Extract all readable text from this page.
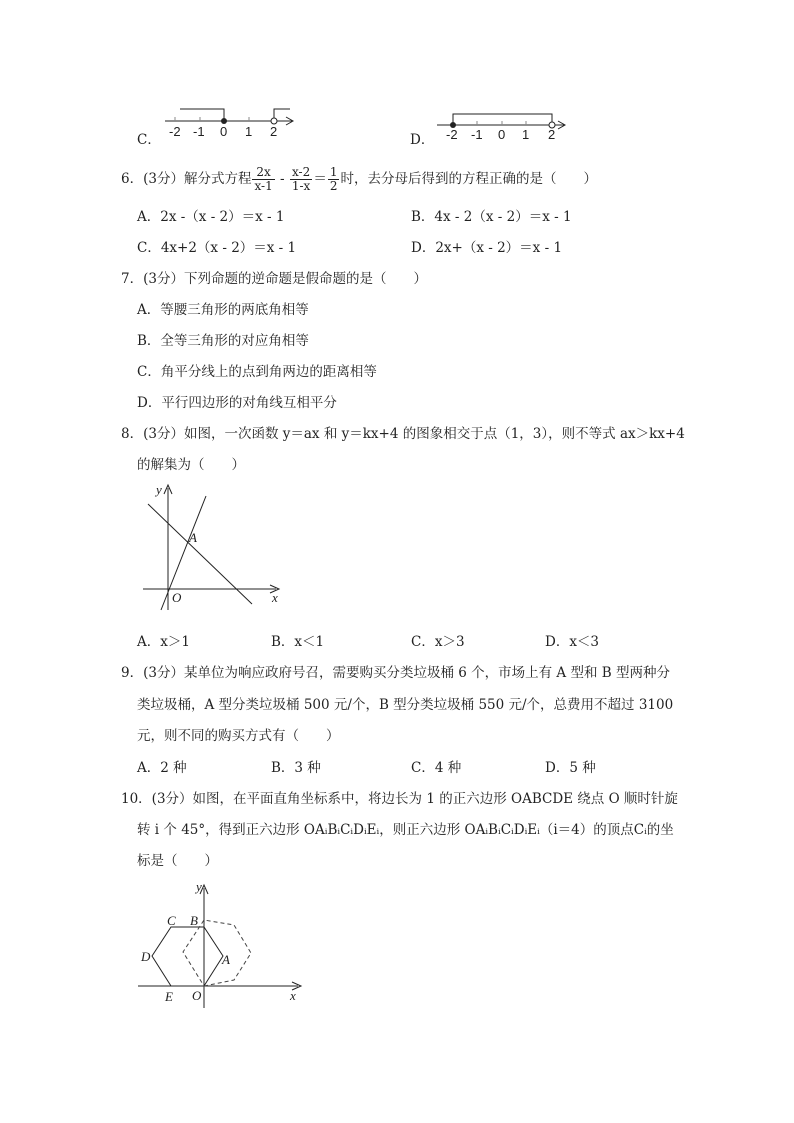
C．
-2 -1 0 1 2
D． -2 -1 0 1 2
6．(3分）解分式方程 $\frac{2x}{x-1} - \frac{x-2}{1-x} = \frac{1}{2}$ 时，去分母后得到的方程正确的是（　　）
A．2x -（x - 2）＝x - 1	B．4x - 2（x - 2）＝x - 1
C．4x+2（x - 2）＝x - 1	D．2x+（x - 2）＝x - 1
7．(3分）下列命题的逆命题是假命题的是（　　）
A．等腰三角形的两底角相等
B．全等三角形的对应角相等
C．角平分线上的点到角两边的距离相等
D．平行四边形的对角线互相平分
8．(3分）如图，一次函数 y＝ax 和 y＝kx+4 的图象相交于点（1，3），则不等式 ax＞kx+4
的解集为（　　）
y
x
A
O
A．x＞1	B．x＜1	C．x＞3	D．x＜3
9．(3分）某单位为响应政府号召，需要购买分类垃圾桶 6 个，市场上有 A 型和 B 型两种分
类垃圾桶，A 型分类垃圾桶 500 元/个，B 型分类垃圾桶 550 元/个，总费用不超过 3100
元，则不同的购买方式有（　　）
A．2 种	B．3 种	C．4 种	D．5 种
10．(3分）如图，在平面直角坐标系中，将边长为 1 的正六边形 OABCDE 绕点 O 顺时针旋
转 i 个 45°，得到正六边形 OAᵢBᵢCᵢDᵢEᵢ，则正六边形 OAᵢBᵢCᵢDᵢEᵢ（i＝4）的顶点Cᵢ的坐
标是（　　）
y
x
A
B
C
D
E O
